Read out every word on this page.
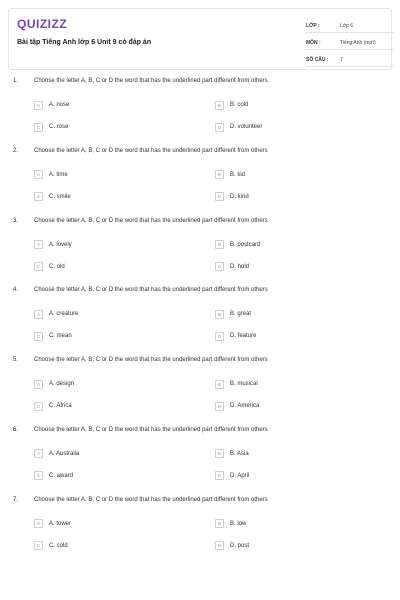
QUIZIZZ
Bài tập Tiếng Anh lớp 6 Unit 9 có đáp án
LỚP :	Lớp 6
MÔN :	Tiếng Anh (mới)
SỐ CÂU :	7
1.	Choose the letter A, B, C or D the word that has the underlined part different from others.
A	A. nose	B	B. cold
C	C. rose	D	D. volunteer
2.	Choose the letter A, B, C or D the word that has the underlined part different from others
A	A. time	B	B. kid
C	C. smile	D	D. kind
3.	Choose the letter A, B, C or D the word that has the underlined part different from others
A	A. lovely	B	B. postcard
C	C. old	D	D. hold
4.	Choose the letter A, B, C or D the word that has the underlined part different from others
A	A. creature	B	B. great
C	C. mean	D	D. feature
5.	Choose the letter A, B, C or D the word that has the underlined part different from others
A	A. design	B	B. musical
C	C. Africa	D	D. America
6.	Choose the letter A, B, C or D the word that has the underlined part different from others
A	A. Australia	B	B. Asia
C	C. award	D	D. April
7.	Choose the letter A, B, C or D the word that has the underlined part different from others
A	A. tower	B	B. low
C	C. cold	D	D. post
